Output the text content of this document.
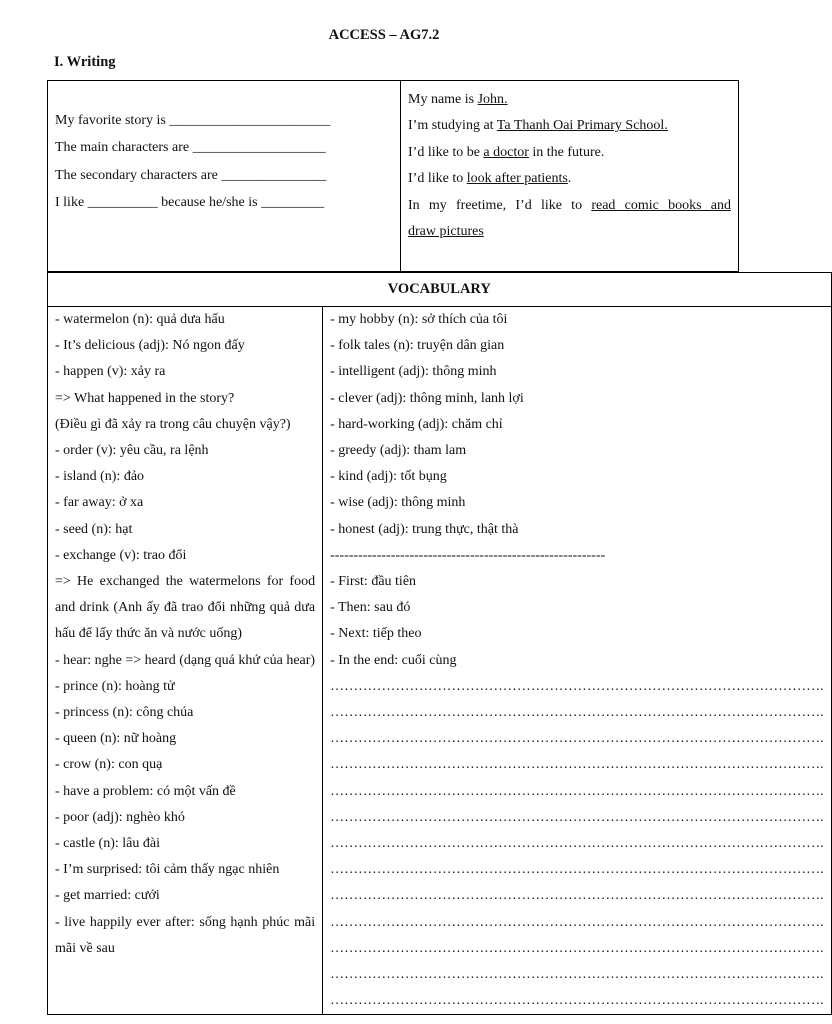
ACCESS – AG7.2
I. Writing
My favorite story is _______________________
The main characters are ___________________
The secondary characters are _______________
I like __________ because he/she is _________

My name is John.
I’m studying at Ta Thanh Oai Primary School.
I’d like to be a doctor in the future.
I’d like to look after patients.
In my freetime, I’d like to read comic books and
draw pictures
VOCABULARY

- watermelon (n): quả dưa hấu
- It’s delicious (adj): Nó ngon đấy
- happen (v): xảy ra
=> What happened in the story?
(Điều gì đã xảy ra trong câu chuyện vậy?)
- order (v): yêu cầu, ra lệnh
- island (n): đảo
- far away: ở xa
- seed (n): hạt
- exchange (v): trao đổi
=> He exchanged the watermelons for food and drink (Anh ấy đã trao đổi những quả dưa hấu để lấy thức ăn và nước uống)
- hear: nghe => heard (dạng quá khứ của hear)
- prince (n): hoàng tử
- princess (n): công chúa
- queen (n): nữ hoàng
- crow (n): con quạ
- have a problem: có một vấn đề
- poor (adj): nghèo khó
- castle (n): lâu đài
- I’m surprised: tôi cảm thấy ngạc nhiên
- get married: cưới
- live happily ever after: sống hạnh phúc mãi mãi về sau

- my hobby (n): sở thích của tôi
- folk tales (n): truyện dân gian
- intelligent (adj): thông minh
- clever (adj): thông minh, lanh lợi
- hard-working (adj): chăm chỉ
- greedy (adj): tham lam
- kind (adj): tốt bụng
- wise (adj): thông minh
- honest (adj): trung thực, thật thà
-----------------------------------------------------------
- First: đầu tiên
- Then: sau đó
- Next: tiếp theo
- In the end: cuối cùng
…………………………………………………………………………………………….
…………………………………………………………………………………………….
…………………………………………………………………………………………….
…………………………………………………………………………………………….
…………………………………………………………………………………………….
…………………………………………………………………………………………….
…………………………………………………………………………………………….
…………………………………………………………………………………………….
…………………………………………………………………………………………….
…………………………………………………………………………………………….
…………………………………………………………………………………………….
…………………………………………………………………………………………….
…………………………………………………………………………………………….
